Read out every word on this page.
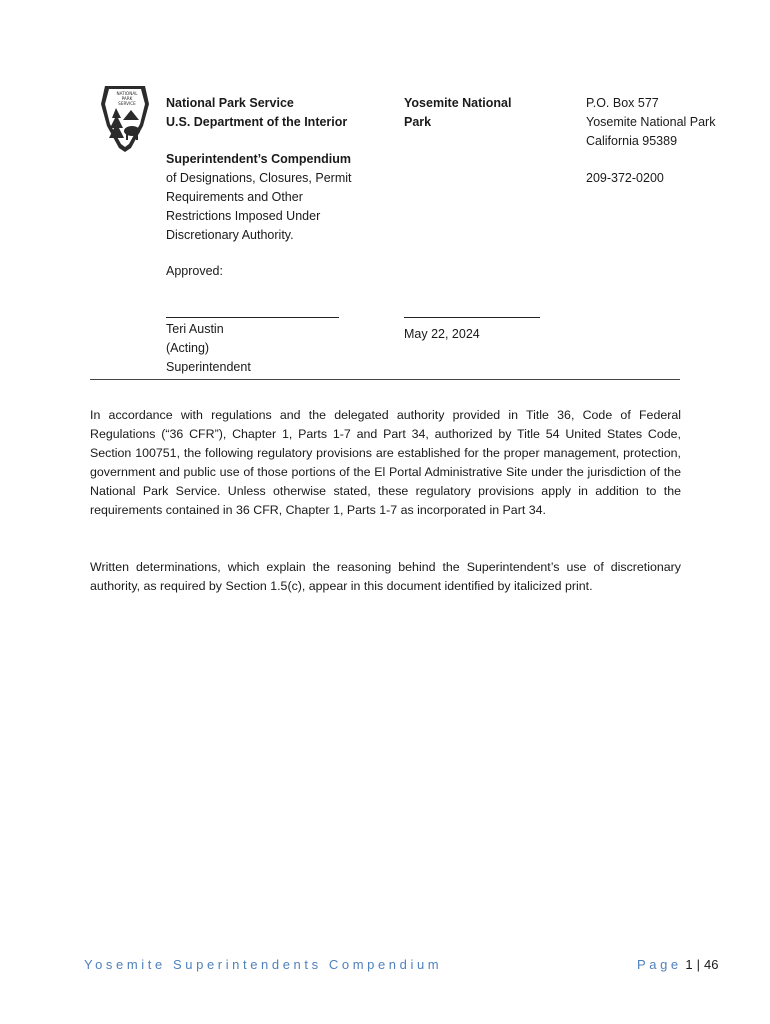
NATIONAL
PARK
SERVICE National Park Service
U.S. Department of the Interior
Superintendent’s Compendium
of Designations, Closures, Permit
Requirements and Other
Restrictions Imposed Under
Discretionary Authority.
Yosemite National
Park
P.O. Box 577
Yosemite National Park
California 95389
209-372-0200
Approved:
Teri Austin
(Acting)
Superintendent
May 22, 2024

In accordance with regulations and the delegated authority provided in Title 36, Code of Federal Regulations (“36 CFR”), Chapter 1, Parts 1-7 and Part 34, authorized by Title 54 United States Code, Section 100751, the following regulatory provisions are established for the proper management, protection, government and public use of those portions of the El Portal Administrative Site under the jurisdiction of the National Park Service. Unless otherwise stated, these regulatory provisions apply in addition to the requirements contained in 36 CFR, Chapter 1, Parts 1-7 as incorporated in Part 34.

Written determinations, which explain the reasoning behind the Superintendent’s use of discretionary authority, as required by Section 1.5(c), appear in this document identified by italicized print.

Yosemite Superintendents Compendium	Page 1 | 46
